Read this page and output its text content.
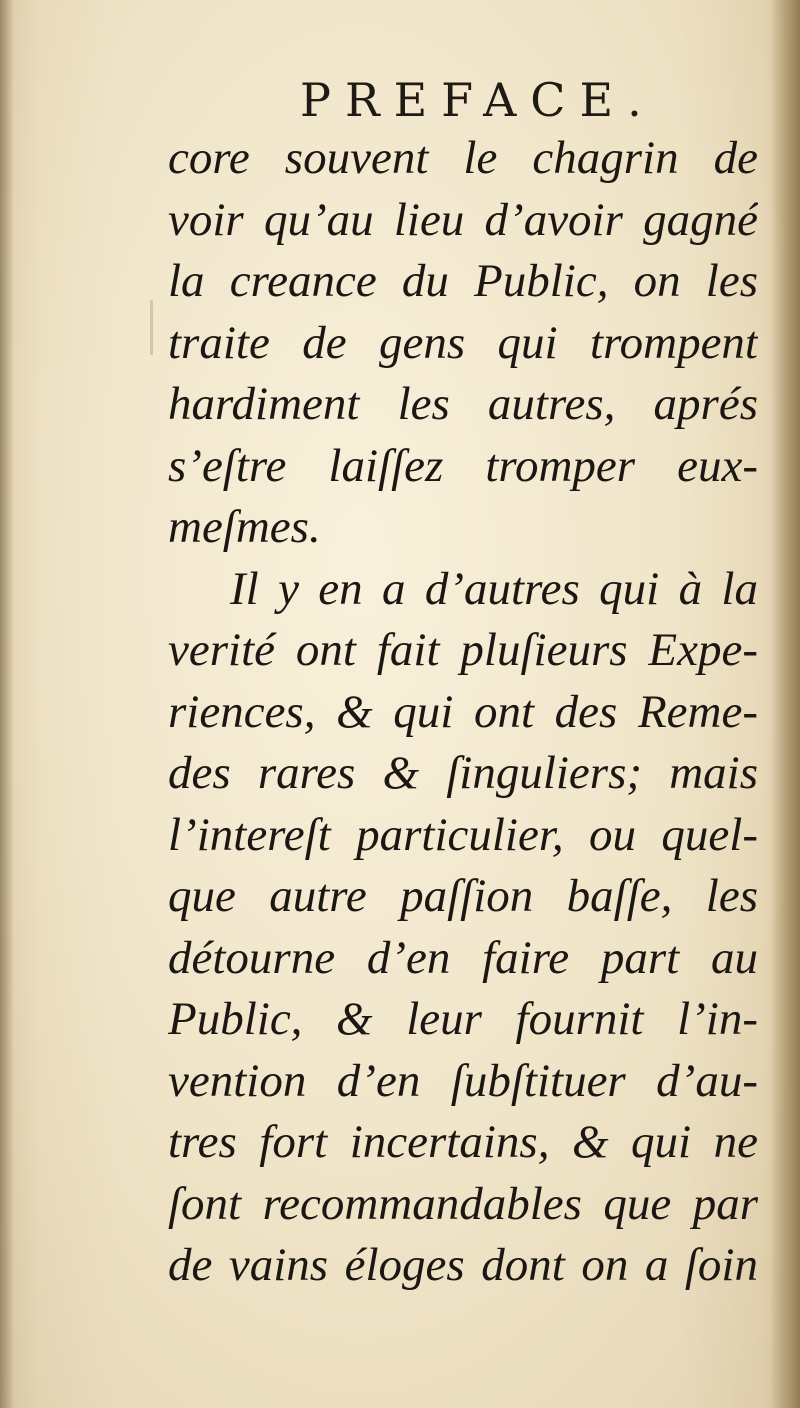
PREFACE.
core souvent le chagrin de
voir qu’au lieu d’avoir gagné
la creance du Public, on les
traite de gens qui trompent
hardiment les autres, aprés
s’eſtre laiſſez tromper eux-
meſmes.
Il y en a d’autres qui à la
verité ont fait pluſieurs Expe-
riences, & qui ont des Reme-
des rares & ſinguliers; mais
l’intereſt particulier, ou quel-
que autre paſſion baſſe, les
détourne d’en faire part au
Public, & leur fournit l’in-
vention d’en ſubſtituer d’au-
tres fort incertains, & qui ne
ſont recommandables que par
de vains éloges dont on a ſoin
